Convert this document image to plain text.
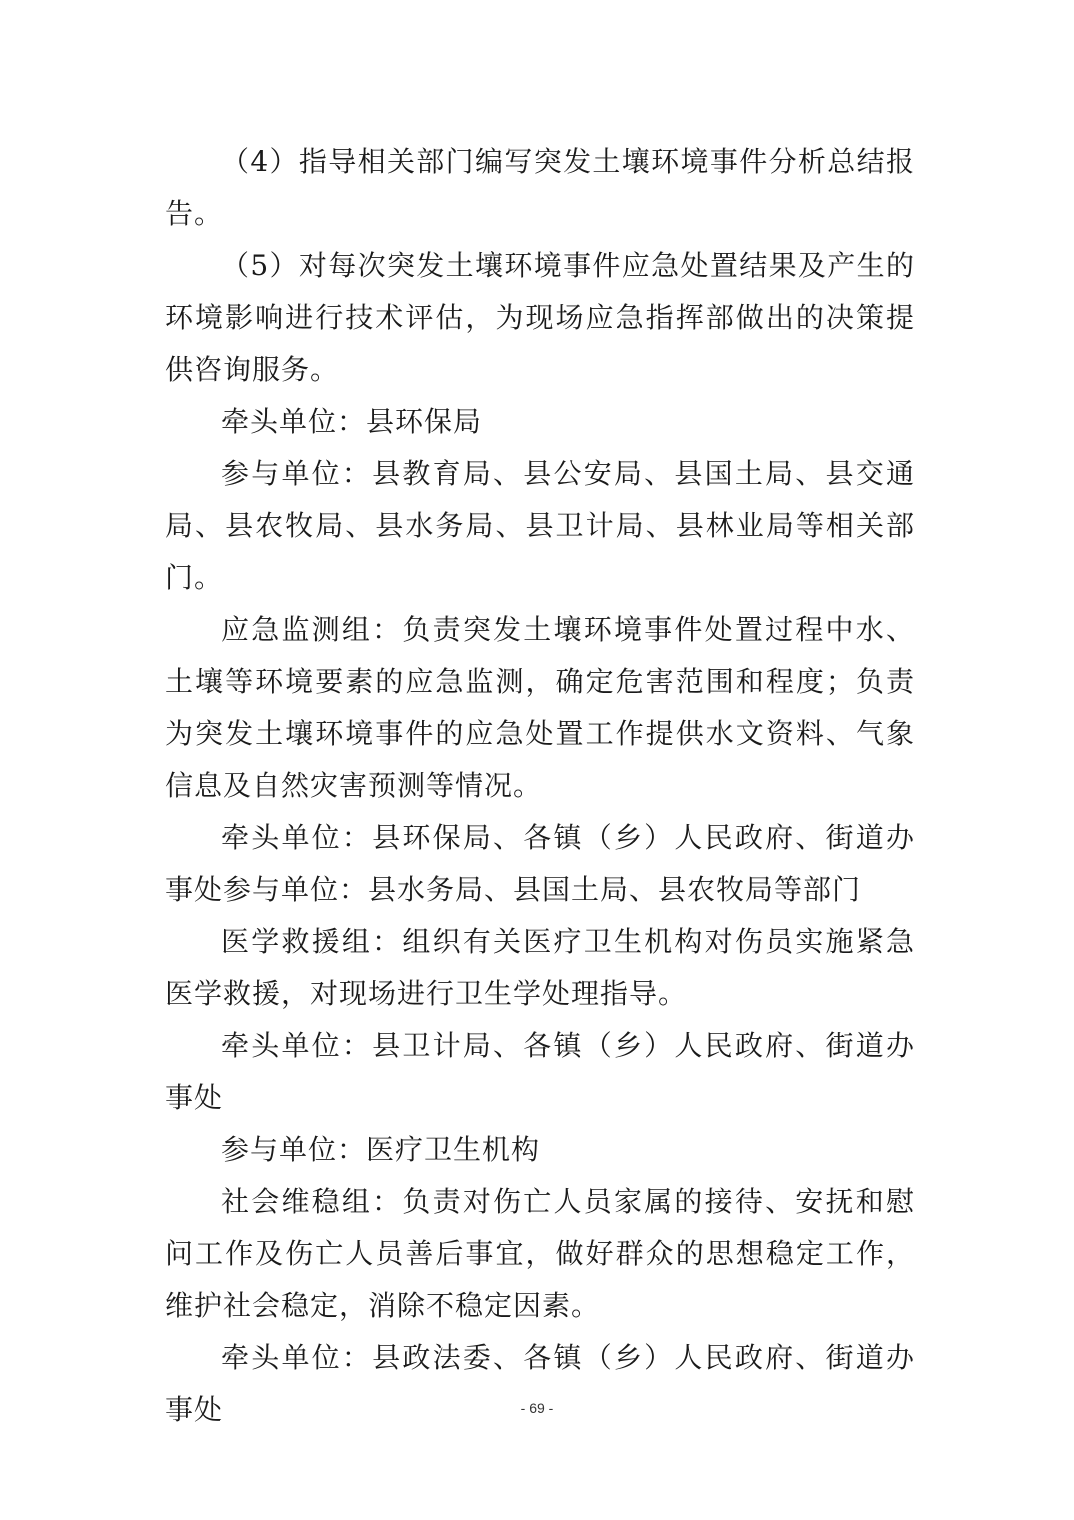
（4）指导相关部门编写突发土壤环境事件分析总结报告。

（5）对每次突发土壤环境事件应急处置结果及产生的环境影响进行技术评估，为现场应急指挥部做出的决策提供咨询服务。

牵头单位：县环保局

参与单位：县教育局、县公安局、县国土局、县交通局、县农牧局、县水务局、县卫计局、县林业局等相关部门。

应急监测组：负责突发土壤环境事件处置过程中水、土壤等环境要素的应急监测，确定危害范围和程度；负责为突发土壤环境事件的应急处置工作提供水文资料、气象信息及自然灾害预测等情况。

牵头单位：县环保局、各镇（乡）人民政府、街道办事处参与单位：县水务局、县国土局、县农牧局等部门

医学救援组：组织有关医疗卫生机构对伤员实施紧急医学救援，对现场进行卫生学处理指导。

牵头单位：县卫计局、各镇（乡）人民政府、街道办事处

参与单位：医疗卫生机构

社会维稳组：负责对伤亡人员家属的接待、安抚和慰问工作及伤亡人员善后事宜，做好群众的思想稳定工作，维护社会稳定，消除不稳定因素。

牵头单位：县政法委、各镇（乡）人民政府、街道办事处	- 69 -
